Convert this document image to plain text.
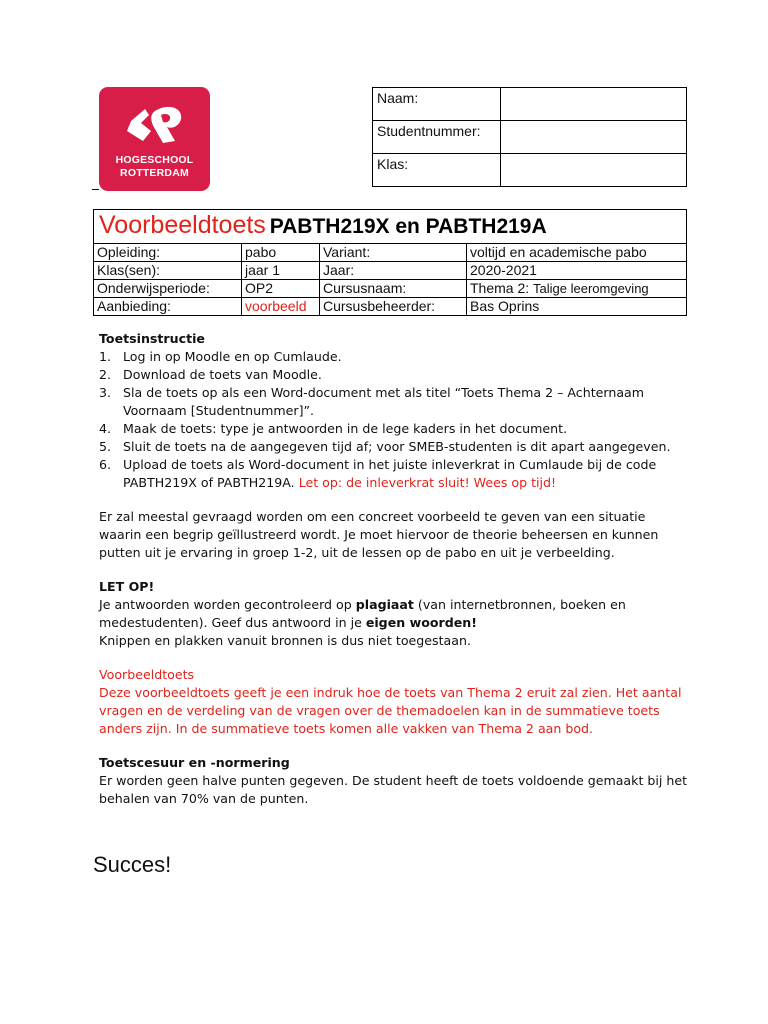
HOGESCHOOL
ROTTERDAM
Naam:	
Studentnummer:	
Klas:	
Voorbeeldtoets PABTH219X en PABTH219A			
Opleiding:	pabo	Variant:	voltijd en academische pabo
Klas(sen):	jaar 1	Jaar:	2020-2021
Onderwijsperiode:	OP2	Cursusnaam:	Thema 2: Talige leeromgeving
Aanbieding:	voorbeeld	Cursusbeheerder:	Bas Oprins

Toetsinstructie

1. Log in op Moodle en op Cumlaude.
2. Download de toets van Moodle.
3. Sla de toets op als een Word-document met als titel “Toets Thema 2 – Achternaam Voornaam [Studentnummer]”.
4. Maak de toets: type je antwoorden in de lege kaders in het document.
5. Sluit de toets na de aangegeven tijd af; voor SMEB-studenten is dit apart aangegeven.
6. Upload de toets als Word-document in het juiste inleverkrat in Cumlaude bij de code PABTH219X of PABTH219A. Let op: de inleverkrat sluit! Wees op tijd!

Er zal meestal gevraagd worden om een concreet voorbeeld te geven van een situatie waarin een begrip geïllustreerd wordt. Je moet hiervoor de theorie beheersen en kunnen putten uit je ervaring in groep 1-2, uit de lessen op de pabo en uit je verbeelding.

LET OP!

Je antwoorden worden gecontroleerd op plagiaat (van internetbronnen, boeken en medestudenten). Geef dus antwoord in je eigen woorden!

Knippen en plakken vanuit bronnen is dus niet toegestaan.

Voorbeeldtoets

Deze voorbeeldtoets geeft je een indruk hoe de toets van Thema 2 eruit zal zien. Het aantal vragen en de verdeling van de vragen over de themadoelen kan in de summatieve toets anders zijn. In de summatieve toets komen alle vakken van Thema 2 aan bod.

Toetscesuur en -normering

Er worden geen halve punten gegeven. De student heeft de toets voldoende gemaakt bij het behalen van 70% van de punten.

Succes!
